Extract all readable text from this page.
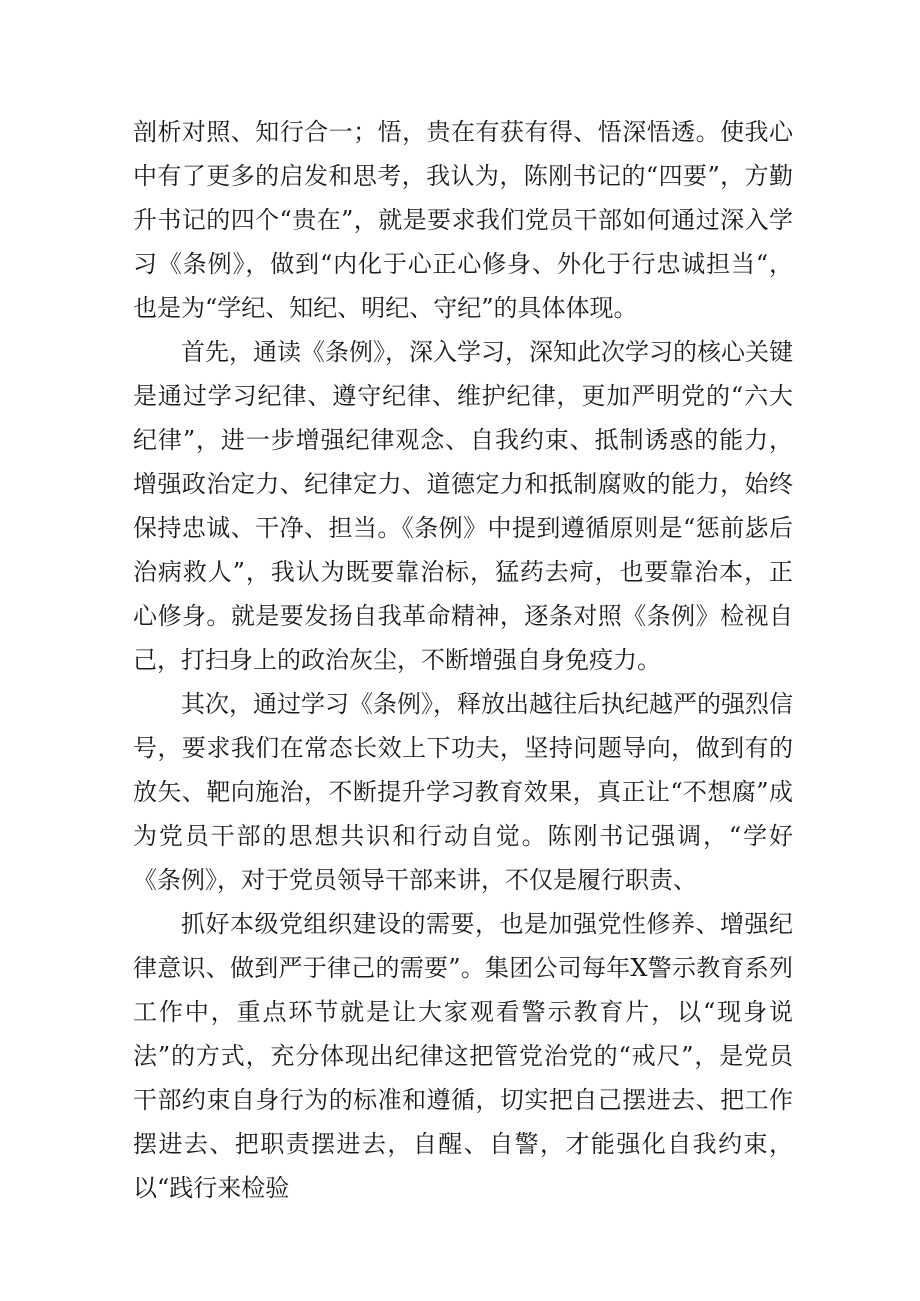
剖析对照、知行合一；悟，贵在有获有得、悟深悟透。使我心中有了更多的启发和思考，我认为，陈刚书记的“四要”，方勤升书记的四个“贵在”，就是要求我们党员干部如何通过深入学习《条例》，做到“内化于心正心修身、外化于行忠诚担当“，也是为“学纪、知纪、明纪、守纪”的具体体现。

首先，通读《条例》，深入学习，深知此次学习的核心关键是通过学习纪律、遵守纪律、维护纪律，更加严明党的“六大纪律”，进一步增强纪律观念、自我约束、抵制诱惑的能力，增强政治定力、纪律定力、道德定力和抵制腐败的能力，始终保持忠诚、干净、担当。《条例》中提到遵循原则是“惩前毖后治病救人”，我认为既要靠治标，猛药去疴，也要靠治本，正心修身。就是要发扬自我革命精神，逐条对照《条例》检视自己，打扫身上的政治灰尘，不断增强自身免疫力。

其次，通过学习《条例》，释放出越往后执纪越严的强烈信号，要求我们在常态长效上下功夫，坚持问题导向，做到有的放矢、靶向施治，不断提升学习教育效果，真正让“不想腐”成为党员干部的思想共识和行动自觉。陈刚书记强调，“学好《条例》，对于党员领导干部来讲，不仅是履行职责、

抓好本级党组织建设的需要，也是加强党性修养、增强纪律意识、做到严于律己的需要”。集团公司每年X警示教育系列工作中，重点环节就是让大家观看警示教育片，以“现身说法”的方式，充分体现出纪律这把管党治党的“戒尺”，是党员干部约束自身行为的标准和遵循，切实把自己摆进去、把工作摆进去、把职责摆进去，自醒、自警，才能强化自我约束，以“践行来检验
